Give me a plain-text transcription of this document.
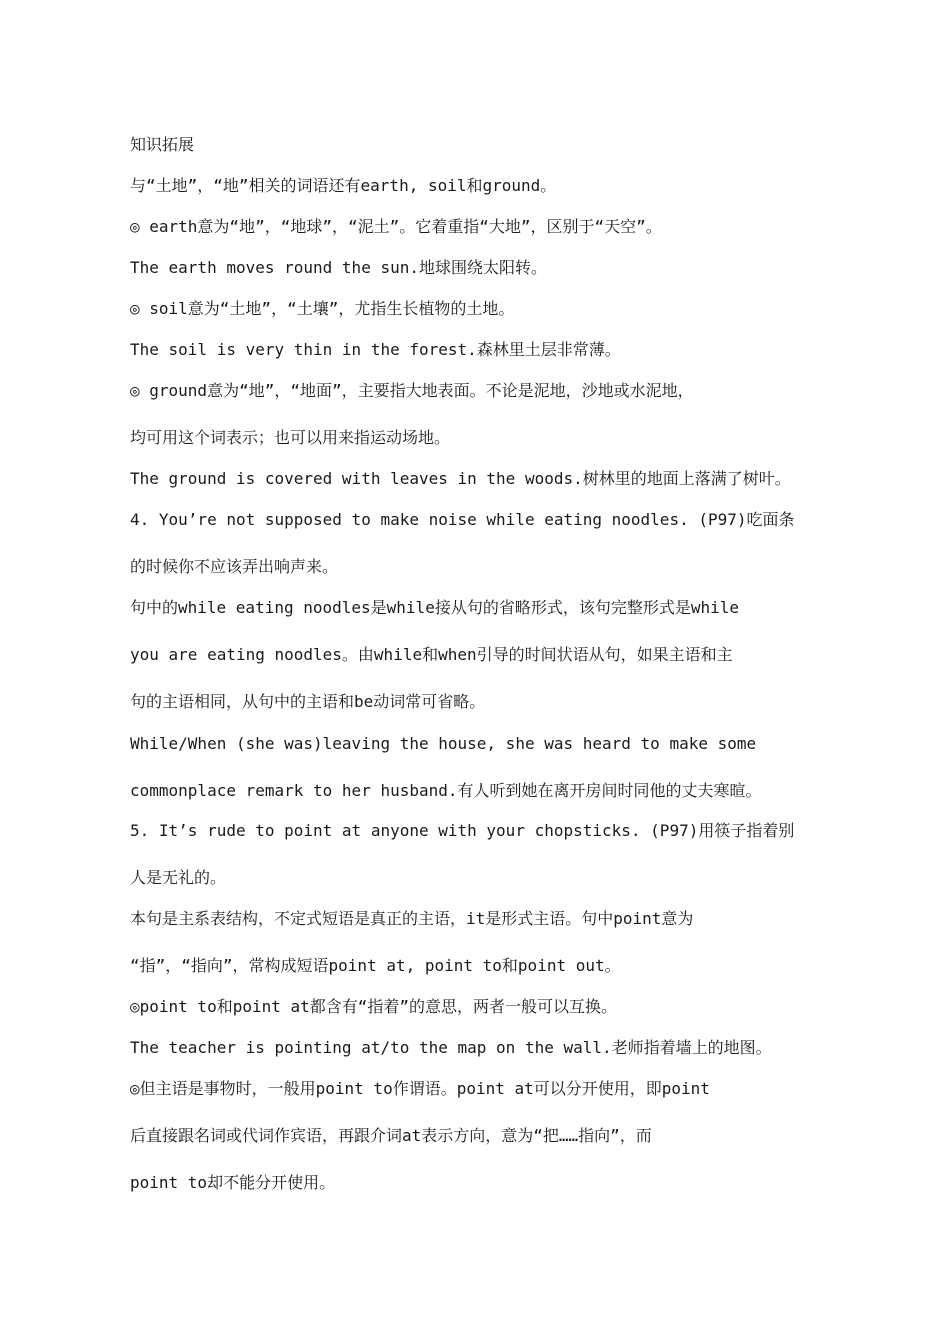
知识拓展
与“土地”，“地”相关的词语还有earth, soil和ground。
◎ earth意为“地”，“地球”，“泥土”。它着重指“大地”，区别于“天空”。
The earth moves round the sun.地球围绕太阳转。
◎ soil意为“土地”，“土壤”，尤指生长植物的土地。
The soil is very thin in the forest.森林里土层非常薄。
◎ ground意为“地”，“地面”，主要指大地表面。不论是泥地，沙地或水泥地，
均可用这个词表示；也可以用来指运动场地。
The ground is covered with leaves in the woods.树林里的地面上落满了树叶。
4. You’re not supposed to make noise while eating noodles. (P97)吃面条
的时候你不应该弄出响声来。
句中的while eating noodles是while接从句的省略形式，该句完整形式是while
you are eating noodles。由while和when引导的时间状语从句，如果主语和主
句的主语相同，从句中的主语和be动词常可省略。
While/When (she was)leaving the house, she was heard to make some
commonplace remark to her husband.有人听到她在离开房间时同他的丈夫寒暄。
5. It’s rude to point at anyone with your chopsticks. (P97)用筷子指着别
人是无礼的。
本句是主系表结构，不定式短语是真正的主语，it是形式主语。句中point意为
“指”，“指向”，常构成短语point at, point to和point out。
◎point to和point at都含有“指着”的意思，两者一般可以互换。
The teacher is pointing at/to the map on the wall.老师指着墙上的地图。
◎但主语是事物时，一般用point to作谓语。point at可以分开使用，即point
后直接跟名词或代词作宾语，再跟介词at表示方向，意为“把……指向”，而
point to却不能分开使用。
